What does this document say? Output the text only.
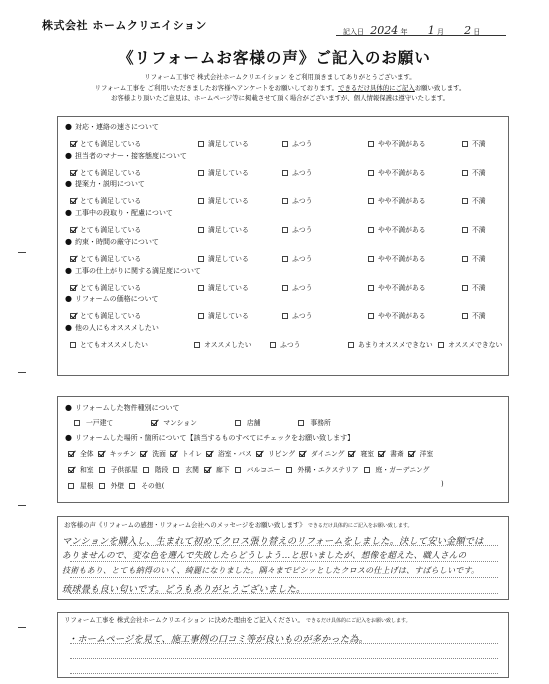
株式会社 ホームクリエイション	記入日 2024 年 1 月 2 日
《リフォームお客様の声》ご記入のお願い
リフォーム工事で 株式会社ホームクリエイション をご利用頂きましてありがとうございます。
リフォーム工事を ご利用いただきましたお客様へアンケートをお願いしております。できるだけ具体的にご記入お願い致します。
お客様より頂いたご意見は、ホームページ等に掲載させて頂く場合がございますが、個人情報保護は遵守いたします。
● 対応・連絡の速さについて
とても満足している	満足している	ふつう	やや不満がある	不満
● 担当者のマナー・接客態度について
とても満足している	満足している	ふつう	やや不満がある	不満
● 提案力・説明について
とても満足している	満足している	ふつう	やや不満がある	不満
● 工事中の段取り・配慮について
とても満足している	満足している	ふつう	やや不満がある	不満
● 約束・時間の厳守について
とても満足している	満足している	ふつう	やや不満がある	不満
● 工事の仕上がりに関する満足度について
とても満足している	満足している	ふつう	やや不満がある	不満
● リフォームの価格について
とても満足している	満足している	ふつう	やや不満がある	不満
● 他の人にもオススメしたい
とてもオススメしたい	オススメしたい	ふつう	あまりオススメできない	オススメできない
● リフォームした物件種別について
一戸建て	マンション	店舗	事務所
● リフォームした場所・箇所について【該当するものすべてにチェックをお願い致します】
全体 キッチン 洗面 トイレ 浴室・バス リビング ダイニング 寝室 書斎 洋室
和室	子供部屋	階段	玄関	廊下	バルコニー	外構・エクステリア	庭・ガーデニング
屋根	外壁	その他(	)
お客様の声《リフォームの感想・リフォーム会社へのメッセージをお願い致します》 できるだけ具体的にご記入をお願い致します。
マンションを購入し、生まれて初めてクロス張り替えのリフォームをしました。決して安い金額では
ありませんので、変な色を選んで失敗したらどうしよう…と思いましたが、想像を超えた、職人さんの
技術もあり、とても納得のいく、綺麗になりました。隅々までピシッとしたクロスの仕上げは、すばらしいです。
琉球畳も良い匂いです。どうもありがとうございました。
リフォーム工事を 株式会社ホームクリエイション に決めた理由をご記入ください。 できるだけ具体的にご記入をお願い致します。
・ホームページを見て、施工事例の口コミ等が良いものが多かった為。
